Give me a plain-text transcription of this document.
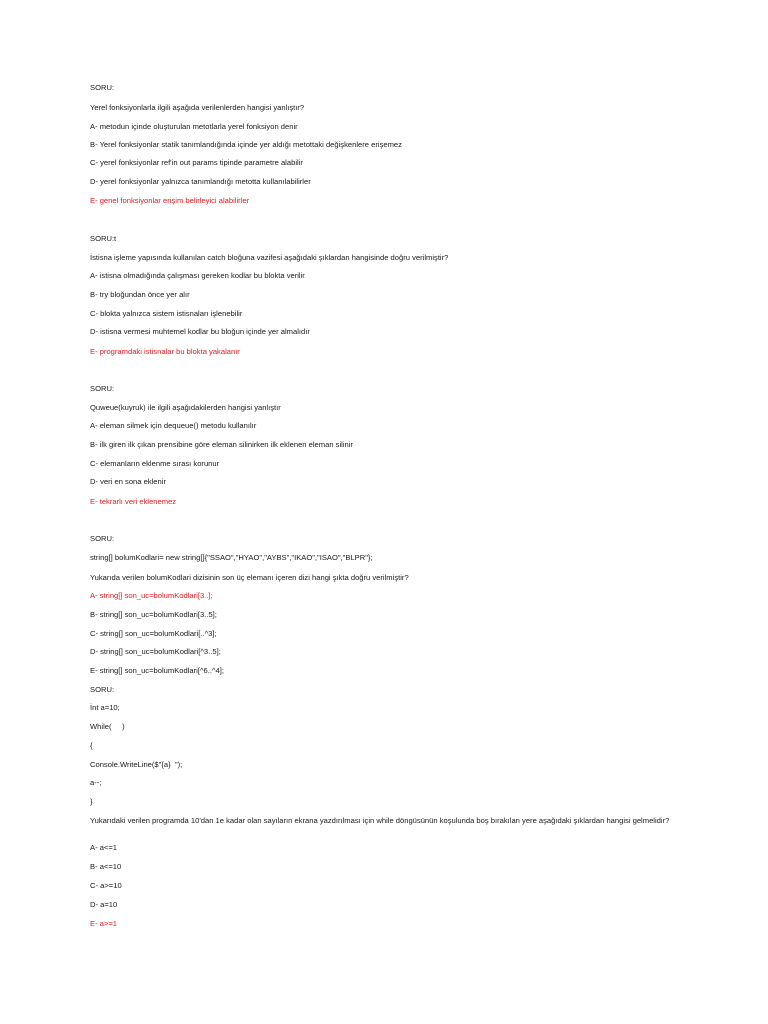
SORU:
Yerel fonksiyonlarla ilgili aşağıda verilenlerden hangisi yanlıştır?
A- metodun içinde oluşturulan metotlarla yerel fonksiyon denir
B- Yerel fonksiyonlar statik tanımlandığında içinde yer aldığı metottaki değişkenlere erişemez
C- yerel fonksiyonlar ref'in out params tipinde parametre alabilir
D- yerel fonksiyonlar yalnızca tanımlandığı metotta kullanılabilirler
E- genel fonksiyonlar erişim belirleyici alabilirler
SORU:t
İstisna işleme yapısında kullanılan catch bloğuna vazifesi aşağıdaki şıklardan hangisinde doğru verilmiştir?
A- istisna olmadığında çalışması gereken kodlar bu blokta verilir
B- try bloğundan önce yer alır
C- blokta yalnızca sistem istisnaları işlenebilir
D- istisna vermesi muhtemel kodlar bu bloğun içinde yer almalıdır
E- programdaki istisnalar bu blokta yakalanır
SORU:
Quweue(kuyruk) ile ilgili aşağıdakilerden hangisi yanlıştır
A- eleman silmek için dequeue() metodu kullanılır
B- ilk giren ilk çıkan prensibine göre eleman silinirken ilk eklenen eleman silinir
C- elemanların eklenme sırası korunur
D- veri en sona eklenir
E- tekrarlı veri eklenemez
SORU:
string[] bolumKodlari= new string[]{"SSAO","HYAO","AYBS","IKAO","ISAO","BLPR"};
Yukarıda verilen bolumKodlari dizisinin son üç elemanı içeren dizi hangi şıkta doğru verilmiştir?
A- string[] son_uc=bolumKodlari[3..];
B- string[] son_uc=bolumKodlari[3..5];
C- string[] son_uc=bolumKodlari[..^3];
D- string[] son_uc=bolumKodlari[^3..5];
E- string[] son_uc=bolumKodlari[^6..^4];
SORU:
İnt a=10;
While(     )
{
Console.WriteLine($"{a}  ");
a--;
}
Yukarıdaki verilen programda 10'dan 1e kadar olan sayıların ekrana yazdırılması için while döngüsünün koşulunda boş bırakılan yere aşağıdaki şıklardan hangisi gelmelidir?
A- a<=1
B- a<=10
C- a>=10
D- a=10
E- a>=1
